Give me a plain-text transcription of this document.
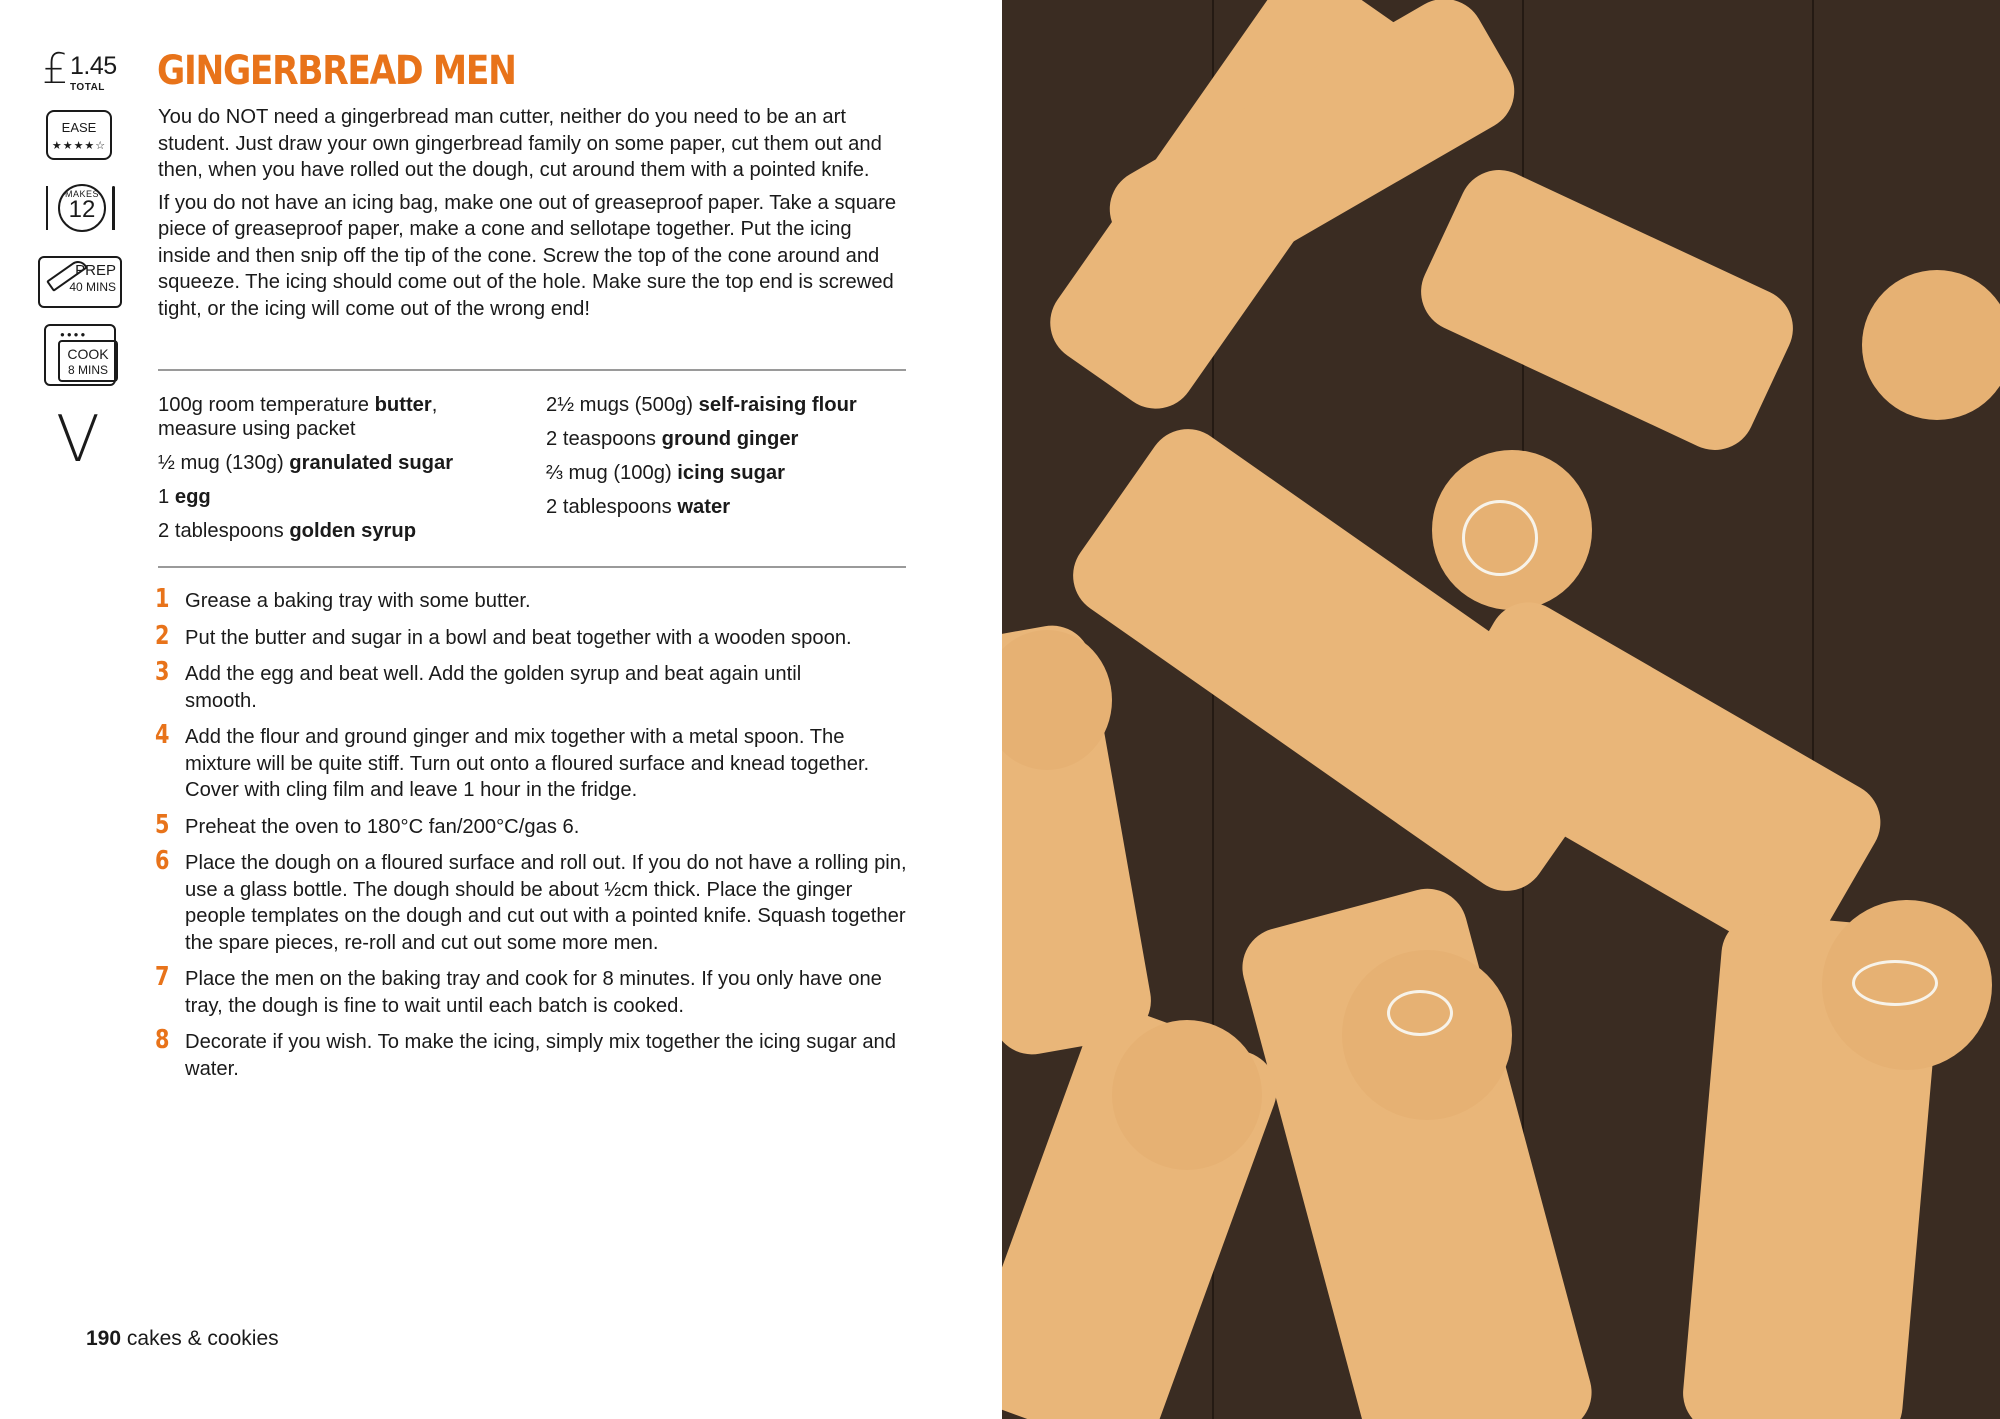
£ 1.45
TOTAL
EASE
★★★★☆
MAKES
12
PREP
40 MINS
●●●●
COOK
8 MINS
V
GINGERBREAD MEN

You do NOT need a gingerbread man cutter, neither do you need to be an art student. Just draw your own gingerbread family on some paper, cut them out and then, when you have rolled out the dough, cut around them with a pointed knife.

If you do not have an icing bag, make one out of greaseproof paper. Take a square piece of greaseproof paper, make a cone and sellotape together. Put the icing inside and then snip off the tip of the cone. Screw the top of the cone around and squeeze. The icing should come out of the hole. Make sure the top end is screwed tight, or the icing will come out of the wrong end!

100g room temperature butter, measure using packet
½ mug (130g) granulated sugar
1 egg
2 tablespoons golden syrup
2½ mugs (500g) self-raising flour
2 teaspoons ground ginger
⅔ mug (100g) icing sugar
2 tablespoons water
1 Grease a baking tray with some butter.
2 Put the butter and sugar in a bowl and beat together with a wooden spoon.
3 Add the egg and beat well. Add the golden syrup and beat again until smooth.
4 Add the flour and ground ginger and mix together with a metal spoon. The mixture will be quite stiff. Turn out onto a floured surface and knead together. Cover with cling film and leave 1 hour in the fridge.
5 Preheat the oven to 180°C fan/200°C/gas 6.
6 Place the dough on a floured surface and roll out. If you do not have a rolling pin, use a glass bottle. The dough should be about ½cm thick. Place the ginger people templates on the dough and cut out with a pointed knife. Squash together the spare pieces, re-roll and cut out some more men.
7 Place the men on the baking tray and cook for 8 minutes. If you only have one tray, the dough is fine to wait until each batch is cooked.
8 Decorate if you wish. To make the icing, simply mix together the icing sugar and water.
190 cakes & cookies
